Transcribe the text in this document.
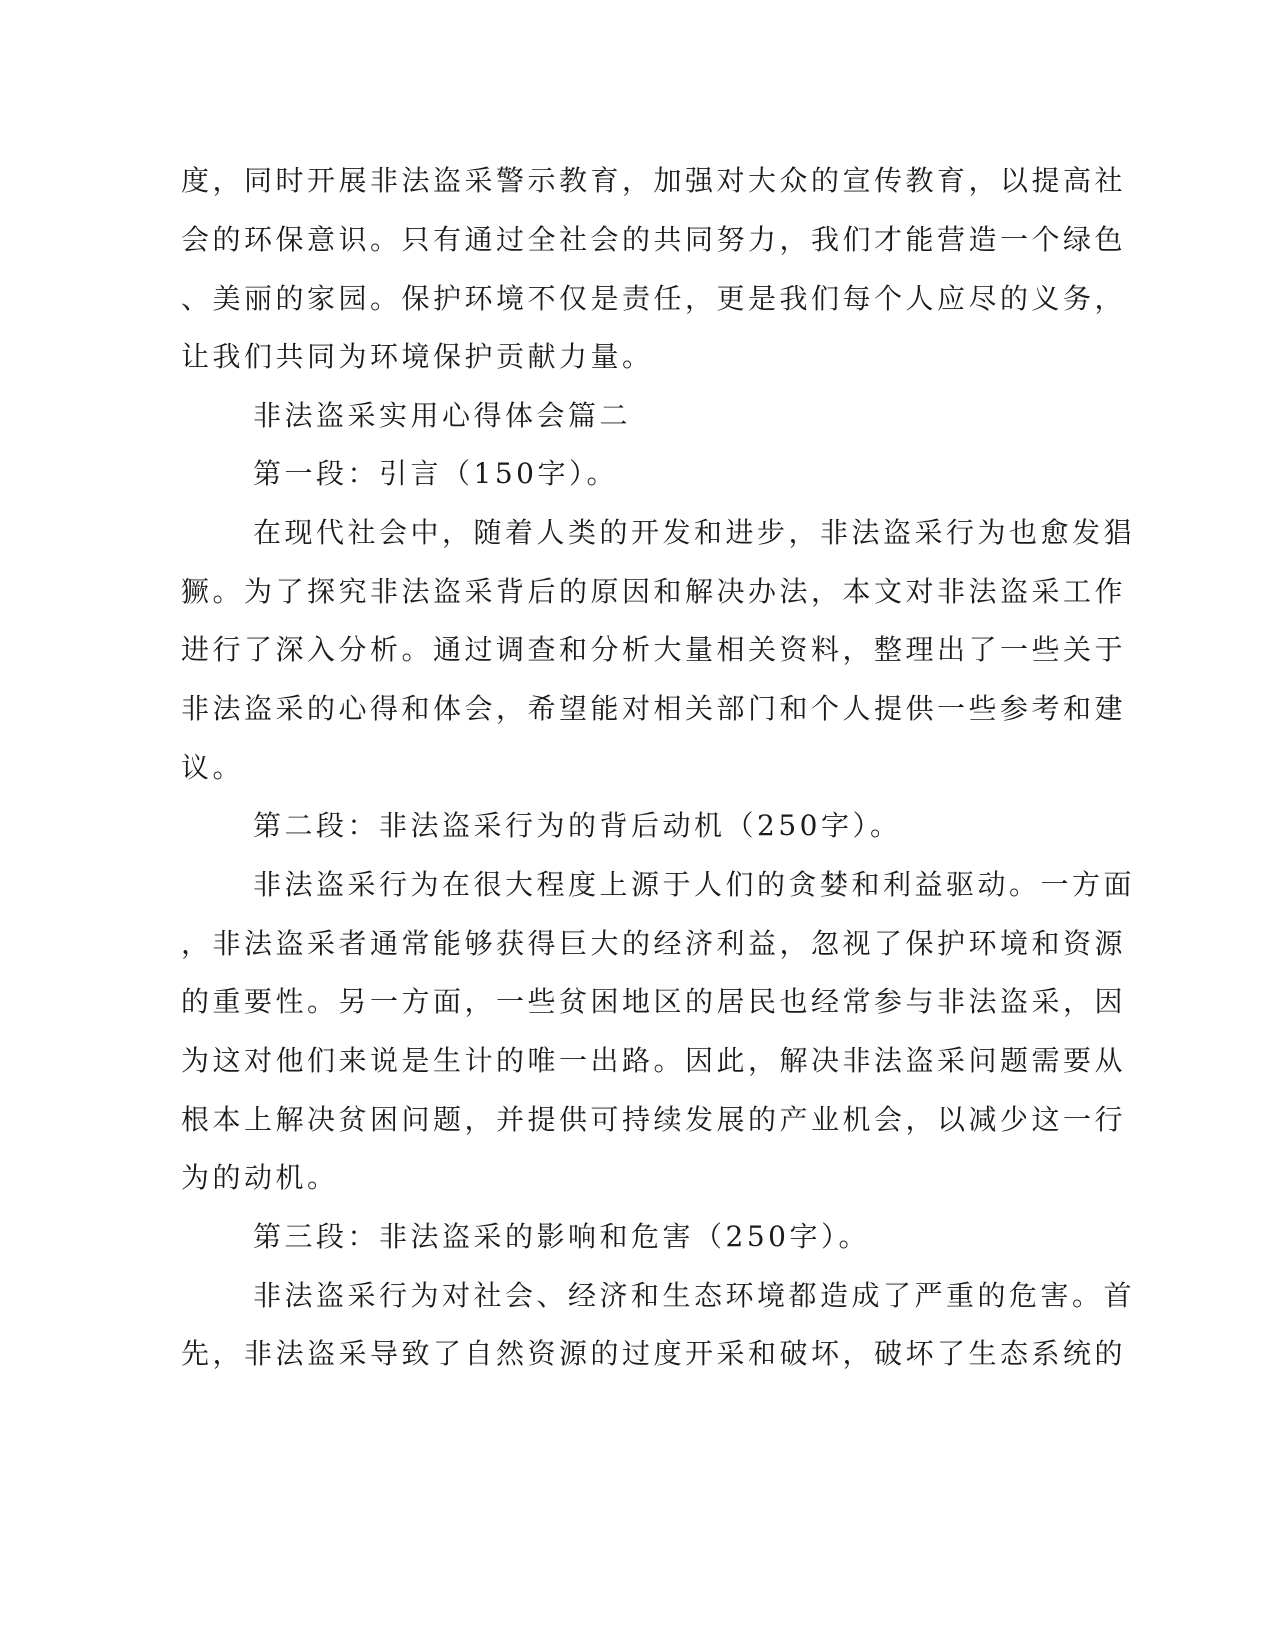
度，同时开展非法盗采警示教育，加强对大众的宣传教育，以提高社
会的环保意识。只有通过全社会的共同努力，我们才能营造一个绿色
、美丽的家园。保护环境不仅是责任，更是我们每个人应尽的义务，
让我们共同为环境保护贡献力量。
非法盗采实用心得体会篇二
第一段：引言（150字）。
在现代社会中，随着人类的开发和进步，非法盗采行为也愈发猖
獗。为了探究非法盗采背后的原因和解决办法，本文对非法盗采工作
进行了深入分析。通过调查和分析大量相关资料，整理出了一些关于
非法盗采的心得和体会，希望能对相关部门和个人提供一些参考和建
议。
第二段：非法盗采行为的背后动机（250字）。
非法盗采行为在很大程度上源于人们的贪婪和利益驱动。一方面
，非法盗采者通常能够获得巨大的经济利益，忽视了保护环境和资源
的重要性。另一方面，一些贫困地区的居民也经常参与非法盗采，因
为这对他们来说是生计的唯一出路。因此，解决非法盗采问题需要从
根本上解决贫困问题，并提供可持续发展的产业机会，以减少这一行
为的动机。
第三段：非法盗采的影响和危害（250字）。
非法盗采行为对社会、经济和生态环境都造成了严重的危害。首
先，非法盗采导致了自然资源的过度开采和破坏，破坏了生态系统的
